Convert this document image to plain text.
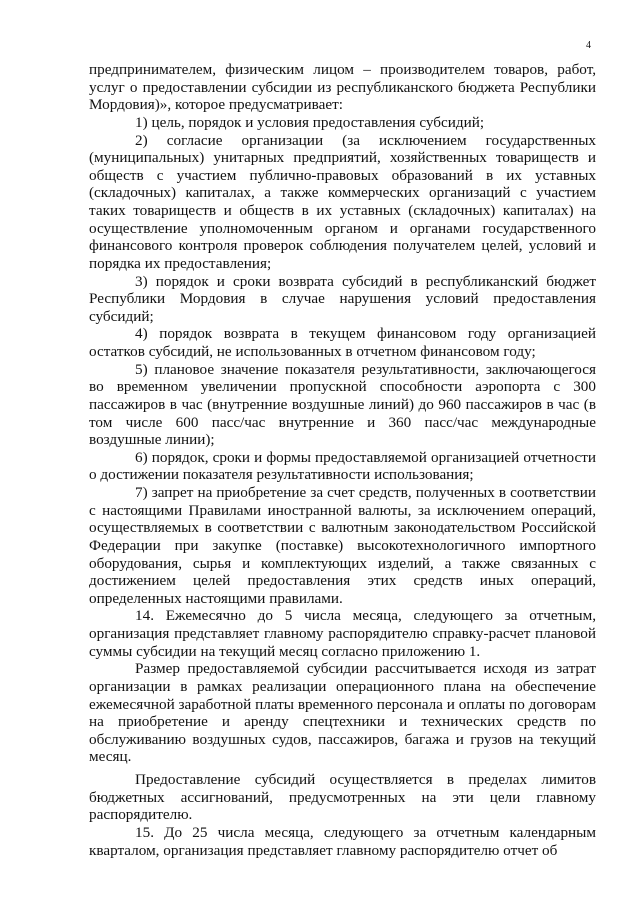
4

предпринимателем, физическим лицом – производителем товаров, работ, услуг о предоставлении субсидии из республиканского бюджета Республики Мордовия)», которое предусматривает:

1) цель, порядок и условия предоставления субсидий;

2) согласие организации (за исключением государственных (муниципальных) унитарных предприятий, хозяйственных товариществ и обществ с участием публично-правовых образований в их уставных (складочных) капиталах, а также коммерческих организаций с участием таких товариществ и обществ в их уставных (складочных) капиталах) на осуществление уполномоченным органом и органами государственного финансового контроля проверок соблюдения получателем целей, условий и порядка их предоставления;

3) порядок и сроки возврата субсидий в республиканский бюджет Республики Мордовия в случае нарушения условий предоставления субсидий;

4) порядок возврата в текущем финансовом году организацией остатков субсидий, не использованных в отчетном финансовом году;

5) плановое значение показателя результативности, заключающегося во временном увеличении пропускной способности аэропорта с 300 пассажиров в час (внутренние воздушные линий) до 960 пассажиров в час (в том числе 600 пасс/час внутренние и 360 пасс/час международные воздушные линии);

6) порядок, сроки и формы предоставляемой организацией отчетности о достижении показателя результативности использования;

7) запрет на приобретение за счет средств, полученных в соответствии с настоящими Правилами иностранной валюты, за исключением операций, осуществляемых в соответствии с валютным законодательством Российской Федерации при закупке (поставке) высокотехнологичного импортного оборудования, сырья и комплектующих изделий, а также связанных с достижением целей предоставления этих средств иных операций, определенных настоящими правилами.

14. Ежемесячно до 5 числа месяца, следующего за отчетным, организация представляет главному распорядителю справку-расчет плановой суммы субсидии на текущий месяц согласно приложению 1.

Размер предоставляемой субсидии рассчитывается исходя из затрат организации в рамках реализации операционного плана на обеспечение ежемесячной заработной платы временного персонала и оплаты по договорам на приобретение и аренду спецтехники и технических средств по обслуживанию воздушных судов, пассажиров, багажа и грузов на текущий месяц.

Предоставление субсидий осуществляется в пределах лимитов бюджетных ассигнований, предусмотренных на эти цели главному распорядителю.

15. До 25 числа месяца, следующего за отчетным календарным кварталом, организация представляет главному распорядителю отчет об
